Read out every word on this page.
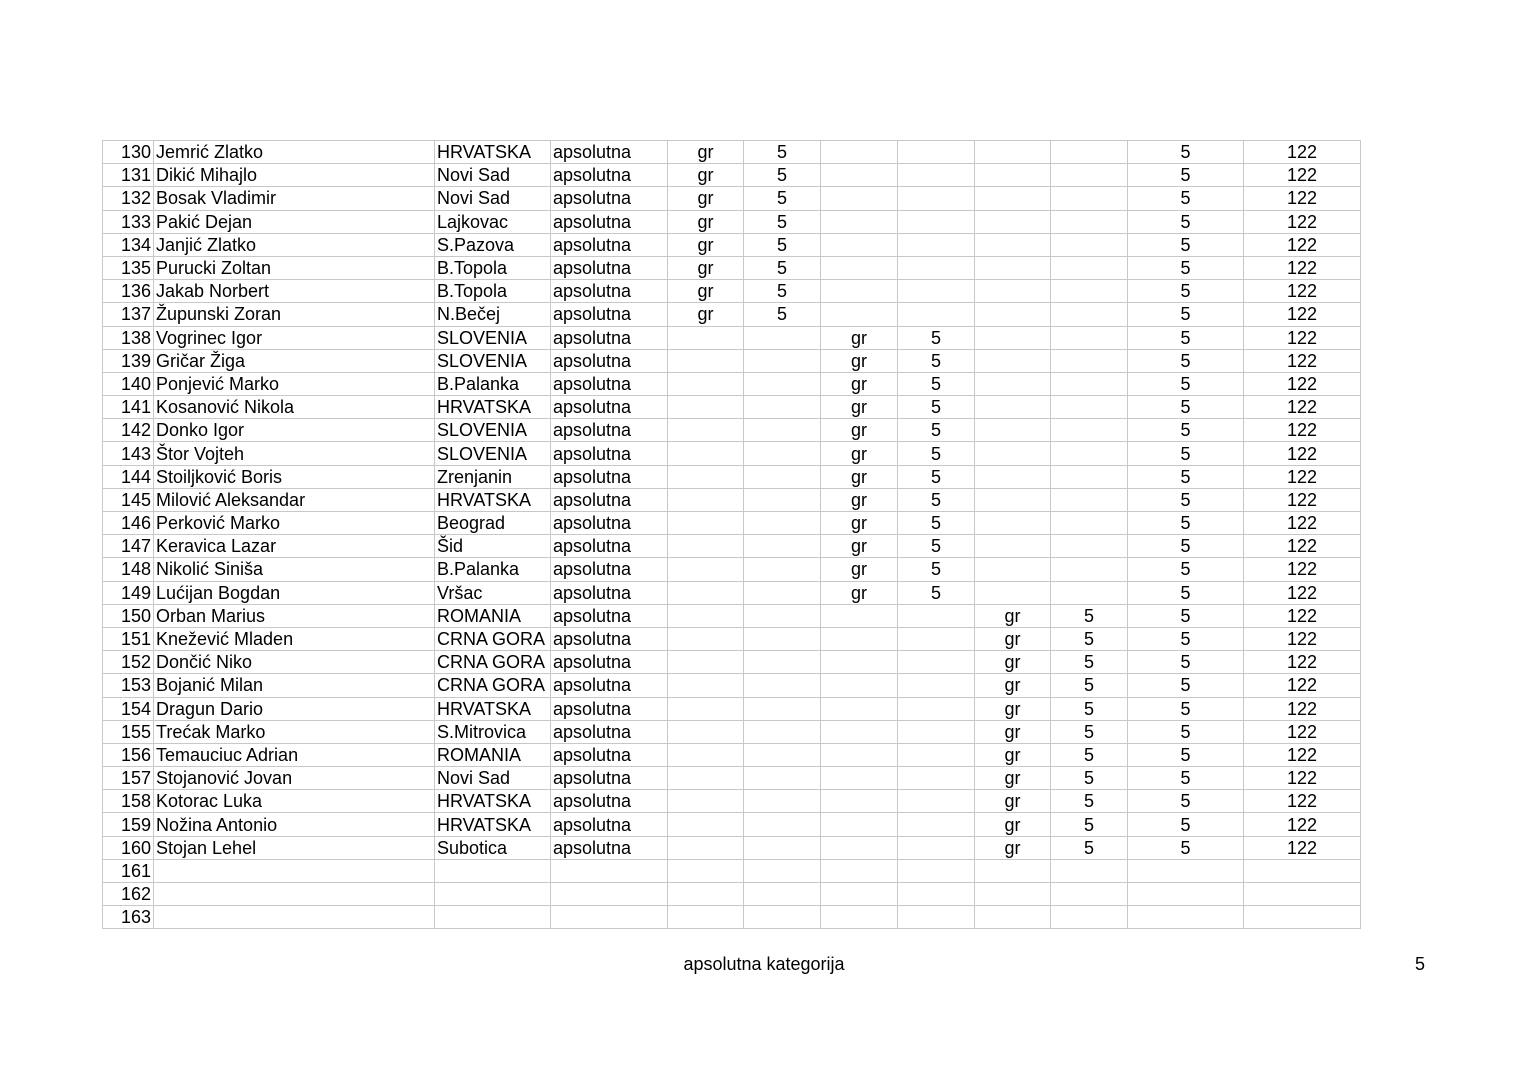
130	Jemrić Zlatko	HRVATSKA	apsolutna	gr	5					5	122
131	Dikić Mihajlo	Novi Sad	apsolutna	gr	5					5	122
132	Bosak Vladimir	Novi Sad	apsolutna	gr	5					5	122
133	Pakić Dejan	Lajkovac	apsolutna	gr	5					5	122
134	Janjić Zlatko	S.Pazova	apsolutna	gr	5					5	122
135	Purucki Zoltan	B.Topola	apsolutna	gr	5					5	122
136	Jakab Norbert	B.Topola	apsolutna	gr	5					5	122
137	Župunski Zoran	N.Bečej	apsolutna	gr	5					5	122
138	Vogrinec Igor	SLOVENIA	apsolutna			gr	5			5	122
139	Gričar Žiga	SLOVENIA	apsolutna			gr	5			5	122
140	Ponjević Marko	B.Palanka	apsolutna			gr	5			5	122
141	Kosanović Nikola	HRVATSKA	apsolutna			gr	5			5	122
142	Donko Igor	SLOVENIA	apsolutna			gr	5			5	122
143	Štor Vojteh	SLOVENIA	apsolutna			gr	5			5	122
144	Stoiljković Boris	Zrenjanin	apsolutna			gr	5			5	122
145	Milović Aleksandar	HRVATSKA	apsolutna			gr	5			5	122
146	Perković Marko	Beograd	apsolutna			gr	5			5	122
147	Keravica Lazar	Šid	apsolutna			gr	5			5	122
148	Nikolić Siniša	B.Palanka	apsolutna			gr	5			5	122
149	Lućijan Bogdan	Vršac	apsolutna			gr	5			5	122
150	Orban Marius	ROMANIA	apsolutna					gr	5	5	122
151	Knežević Mladen	CRNA GORA	apsolutna					gr	5	5	122
152	Dončić Niko	CRNA GORA	apsolutna					gr	5	5	122
153	Bojanić Milan	CRNA GORA	apsolutna					gr	5	5	122
154	Dragun Dario	HRVATSKA	apsolutna					gr	5	5	122
155	Trećak Marko	S.Mitrovica	apsolutna					gr	5	5	122
156	Temauciuc Adrian	ROMANIA	apsolutna					gr	5	5	122
157	Stojanović Jovan	Novi Sad	apsolutna					gr	5	5	122
158	Kotorac Luka	HRVATSKA	apsolutna					gr	5	5	122
159	Nožina Antonio	HRVATSKA	apsolutna					gr	5	5	122
160	Stojan Lehel	Subotica	apsolutna					gr	5	5	122
161											
162											
163											
apsolutna kategorija	5
